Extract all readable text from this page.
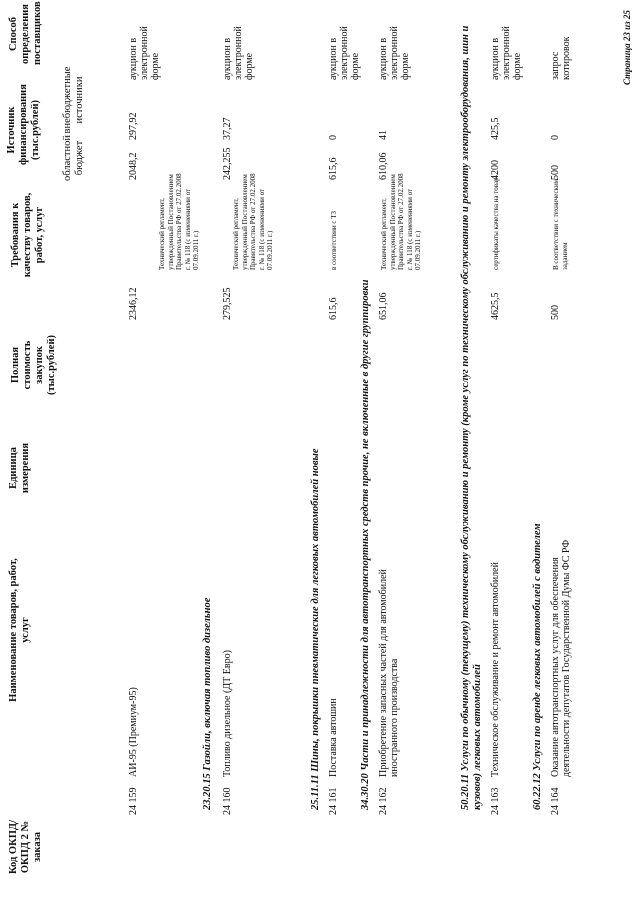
Код ОКПД/ ОКПД 2 № заказа
Наименование товаров, работ, услуг
Единица измерения
Полная стоимость закупок (тыс.рублей)
Требования к качеству товаров, работ, услуг
Источник финансирования (тыс.рублей) областной бюджет
внебюджетные источники
Способ определения поставщиков
24 159
АИ-95 (Премиум-95)
2346,12
Технический регламент, утвержденный Постановлением Правительства РФ от 27.02.2008 г. № 118 (с изменениями от 07.09.2011 г.)
2048,2
297,92
аукцион в электронной форме
23.20.15 Газойли, включая топливо дизельное 24 160
Топливо дизельное (ДТ Евро)
279,525
Технический регламент, утвержденный Постановлением Правительства РФ от 27.02.2008 г. № 118 (с изменениями от 07.09.2011 г.)
242,255
37,27
аукцион в электронной форме
25.11.11 Шины, покрышки пневматические для легковых автомобилей новые 24 161
Поставка автошин
615,6
в соответствии с ТЗ
615,6
0
аукцион в электронной форме
34.30.20 Части и принадлежности для автотранспортных средств прочие, не включенные в другие группировки 24 162
Приобретение запасных частей для автомобилей иностранного производства
651,06
Технический регламент, утвержденный Постановлением Правительства РФ от 27.02.2008 г. № 118 (с изменениями от 07.09.2011 г.)
610,06
41
аукцион в электронной форме	50.20.11 Услуги по обычному (текущему) техническому обслуживанию и ремонту (кроме услуг по техническому обслуживанию и ремонту электрооборудования, шин и кузовов) легковых автомобилей 24 163
Техническое обслуживание и ремонт автомобилей
4625,5
сертификаты качества на товар
4200
425,5
аукцион в электронной форме
60.22.12 Услуги по аренде легковых автомобилей с водителем 24 164
Оказание автотранспортных услуг для обеспечения деятельности депутатов Государственной Думы ФС РФ
500
В соответствии с техническим заданием
500
0
запрос котировок	Страница 23 из 25
